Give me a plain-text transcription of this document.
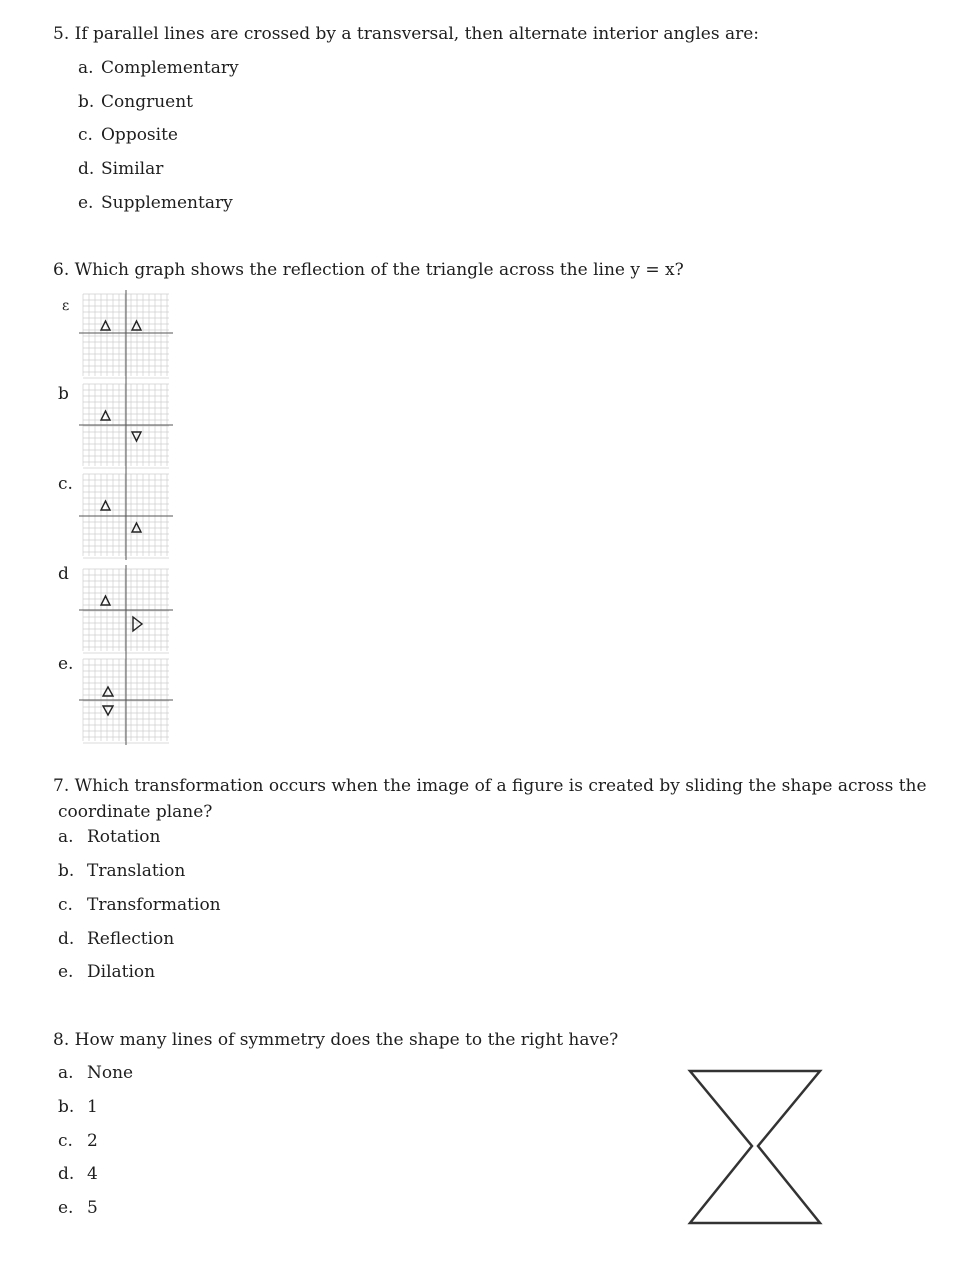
5. If parallel lines are crossed by a transversal, then alternate interior angles are:
a. Complementary
b. Congruent
c. Opposite
d. Similar
e. Supplementary
6. Which graph shows the reflection of the triangle across the line y = x?
ε
b
c.
d
e.
7. Which transformation occurs when the image of a figure is created by sliding the shape across the
coordinate plane?
a. Rotation
b. Translation
c. Transformation
d. Reflection
e. Dilation
8. How many lines of symmetry does the shape to the right have?
a. None
b. 1
c. 2
d. 4
e. 5
